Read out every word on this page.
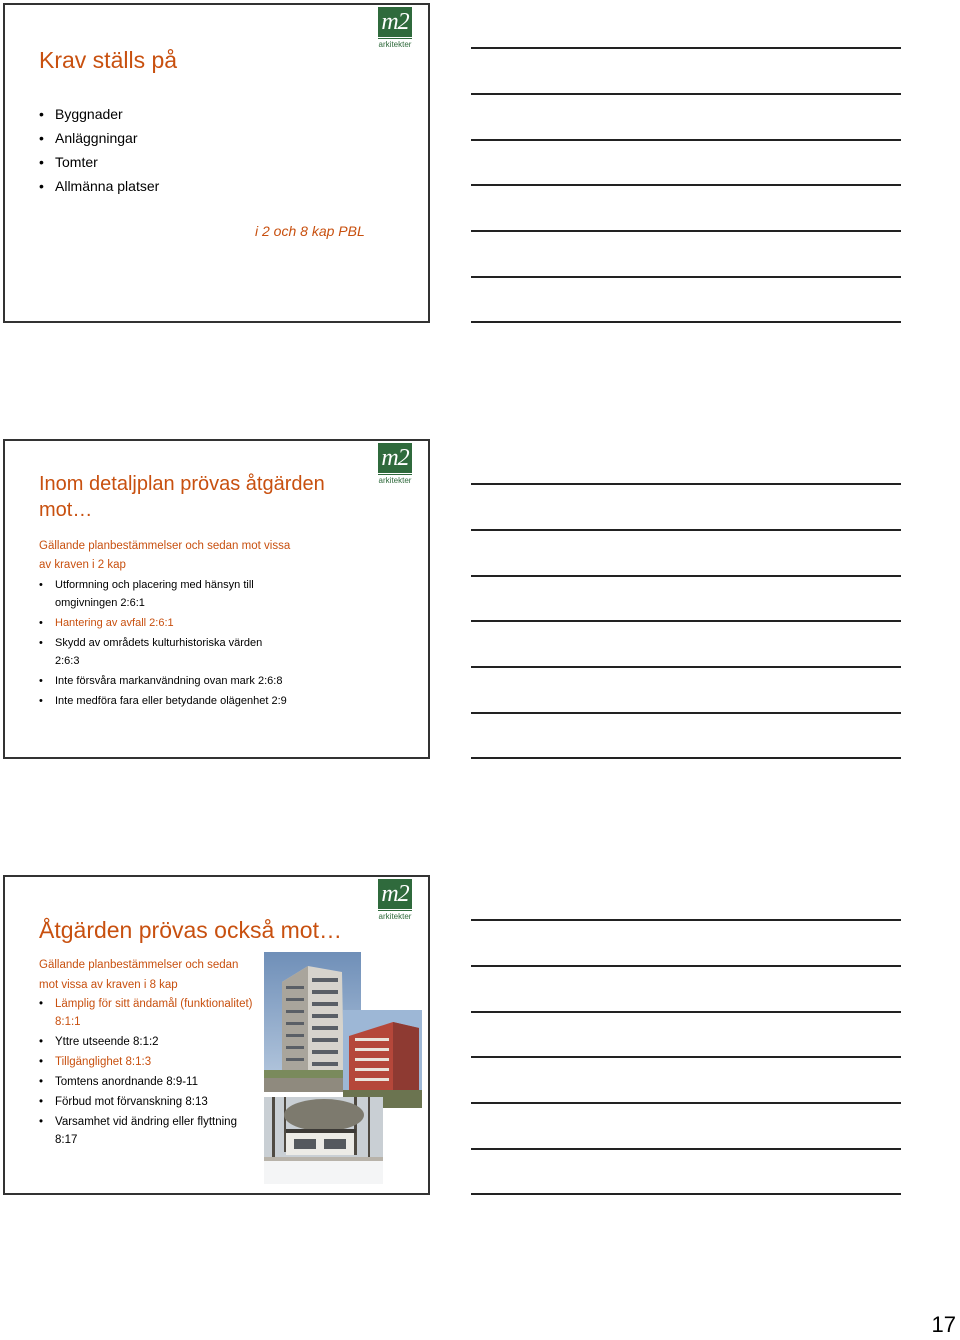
m2
arkitekter
Krav ställs på
• Byggnader
• Anläggningar
• Tomter
• Allmänna platser
i 2 och 8 kap PBL
m2
arkitekter
Inom detaljplan prövas åtgärden
mot…
Gällande planbestämmelser och sedan mot vissa
av kraven i 2 kap
• Utformning och placering med hänsyn till
omgivningen 2:6:1
• Hantering av avfall 2:6:1
• Skydd av områdets kulturhistoriska värden
2:6:3
• Inte försvåra markanvändning ovan mark 2:6:8
• Inte medföra fara eller betydande olägenhet 2:9
m2
arkitekter
Åtgärden prövas också mot…
Gällande planbestämmelser och sedan
mot vissa av kraven i 8 kap
• Lämplig för sitt ändamål (funktionalitet)
8:1:1
• Yttre utseende 8:1:2
• Tillgänglighet 8:1:3
• Tomtens anordnande 8:9-11
• Förbud mot förvanskning 8:13
• Varsamhet vid ändring eller flyttning
8:17
17
